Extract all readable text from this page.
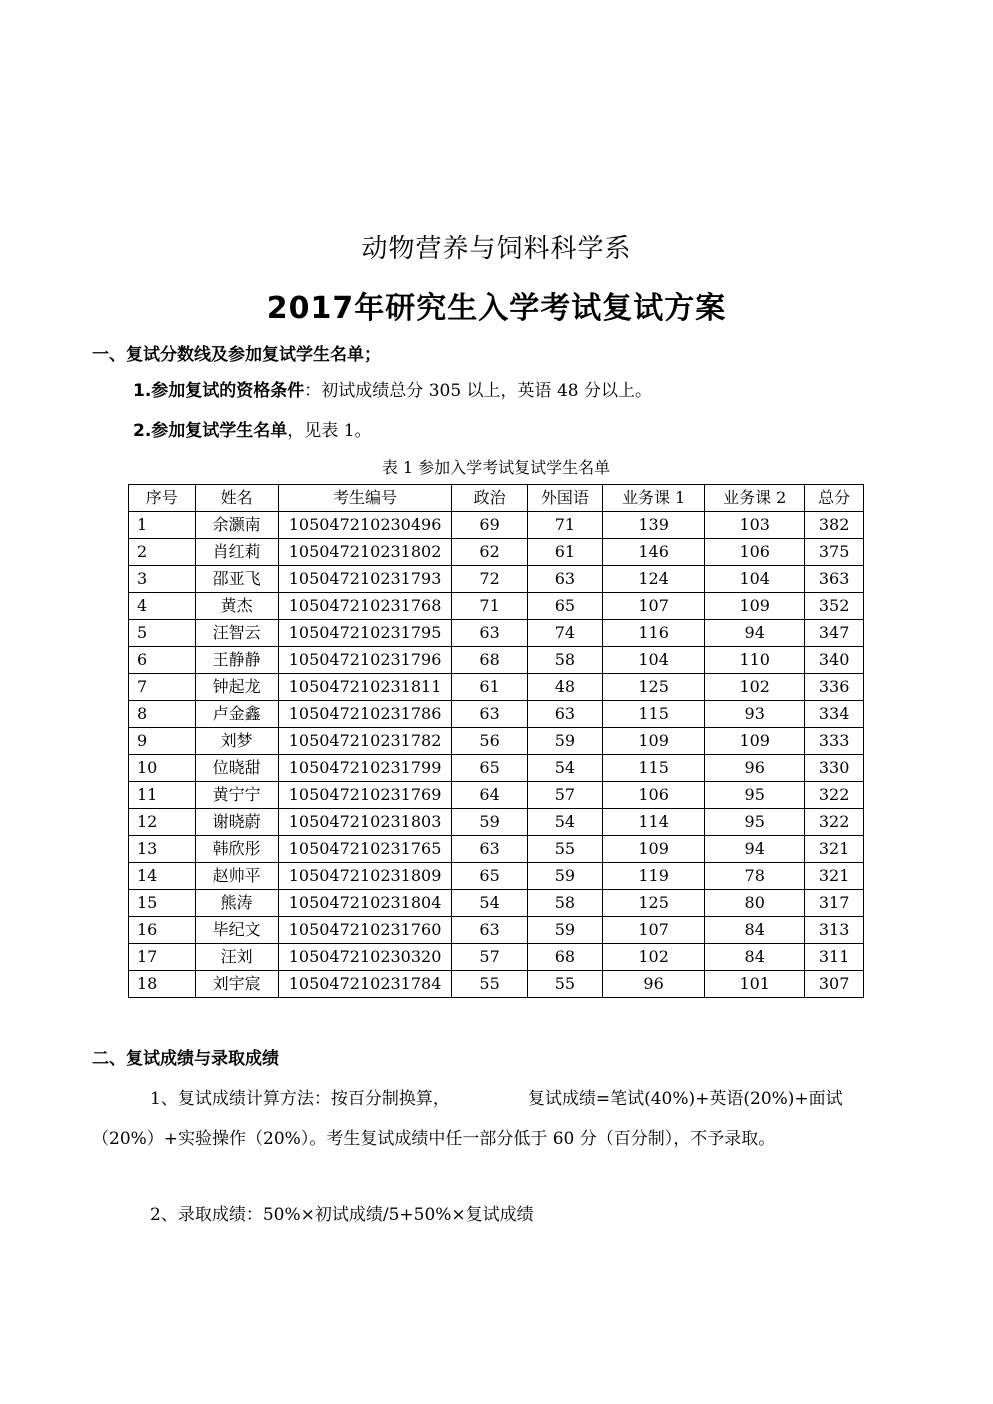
动物营养与饲料科学系
2017年研究生入学考试复试方案
一、复试分数线及参加复试学生名单；
1.参加复试的资格条件：初试成绩总分 305 以上，英语 48 分以上。
2.参加复试学生名单，见表 1。
表 1 参加入学考试复试学生名单
序号	姓名	考生编号	政治	外国语	业务课 1	业务课 2	总分
1	余灏南	105047210230496	69	71	139	103	382
2	肖红莉	105047210231802	62	61	146	106	375
3	邵亚飞	105047210231793	72	63	124	104	363
4	黄杰	105047210231768	71	65	107	109	352
5	汪智云	105047210231795	63	74	116	94	347
6	王静静	105047210231796	68	58	104	110	340
7	钟起龙	105047210231811	61	48	125	102	336
8	卢金鑫	105047210231786	63	63	115	93	334
9	刘梦	105047210231782	56	59	109	109	333
10	位晓甜	105047210231799	65	54	115	96	330
11	黄宁宁	105047210231769	64	57	106	95	322
12	谢晓蔚	105047210231803	59	54	114	95	322
13	韩欣彤	105047210231765	63	55	109	94	321
14	赵帅平	105047210231809	65	59	119	78	321
15	熊涛	105047210231804	54	58	125	80	317
16	毕纪文	105047210231760	63	59	107	84	313
17	汪刘	105047210230320	57	68	102	84	311
18	刘宇宸	105047210231784	55	55	96	101	307
二、复试成绩与录取成绩
1、复试成绩计算方法：按百分制换算，	复试成绩=笔试(40%)+英语(20%)+面试
（20%）+实验操作（20%）。考生复试成绩中任一部分低于 60 分（百分制），不予录取。
2、录取成绩：50%×初试成绩/5+50%×复试成绩
